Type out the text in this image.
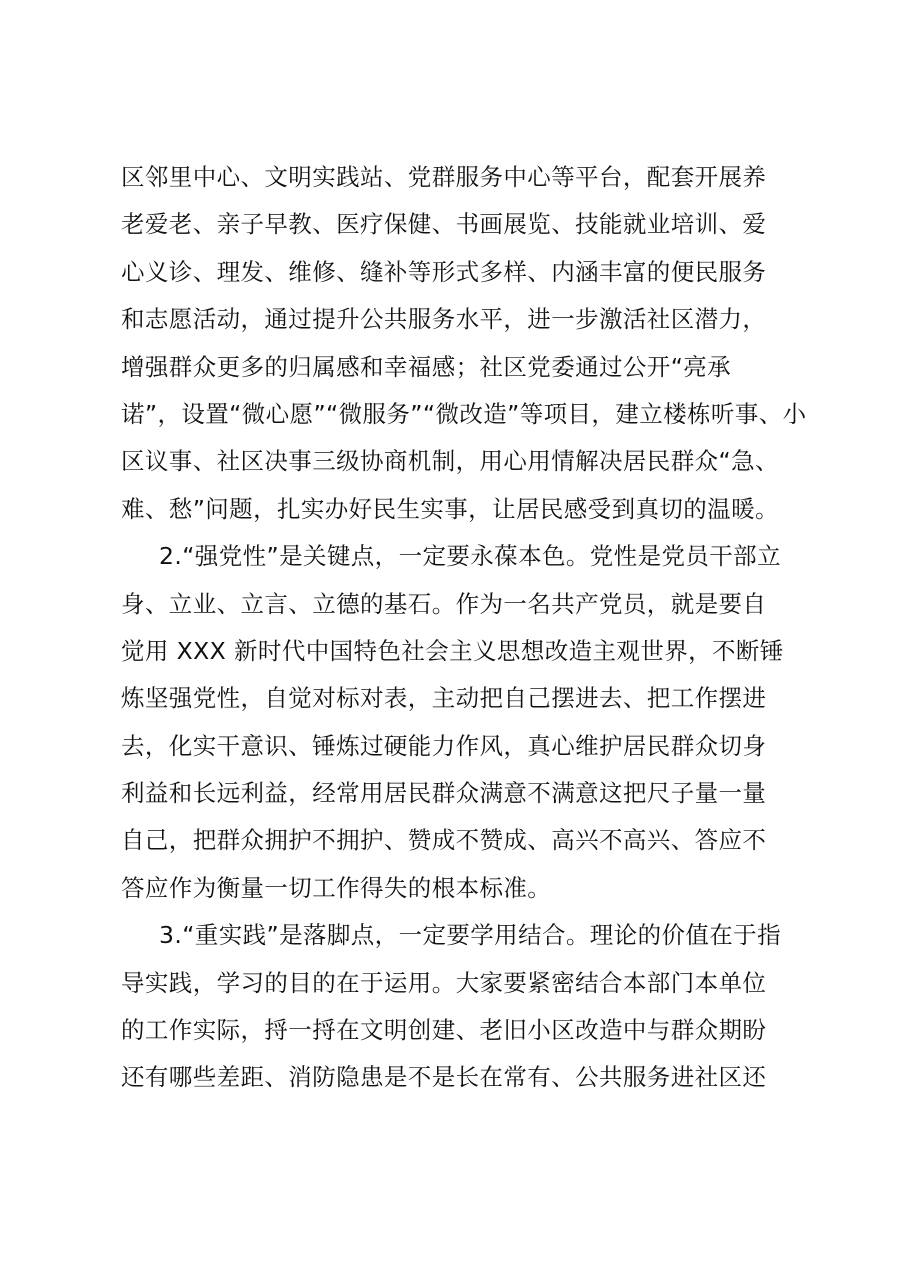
区邻里中心、文明实践站、党群服务中心等平台，配套开展养
老爱老、亲子早教、医疗保健、书画展览、技能就业培训、爱
心义诊、理发、维修、缝补等形式多样、内涵丰富的便民服务
和志愿活动，通过提升公共服务水平，进一步激活社区潜力，
增强群众更多的归属感和幸福感；社区党委通过公开“亮承
诺”，设置“微心愿”“微服务”“微改造”等项目，建立楼栋听事、小
区议事、社区决事三级协商机制，用心用情解决居民群众“急、
难、愁”问题，扎实办好民生实事，让居民感受到真切的温暖。
2.“强党性”是关键点，一定要永葆本色。党性是党员干部立
身、立业、立言、立德的基石。作为一名共产党员，就是要自
觉用 XXX 新时代中国特色社会主义思想改造主观世界，不断锤
炼坚强党性，自觉对标对表，主动把自己摆进去、把工作摆进
去，化实干意识、锤炼过硬能力作风，真心维护居民群众切身
利益和长远利益，经常用居民群众满意不满意这把尺子量一量
自己，把群众拥护不拥护、赞成不赞成、高兴不高兴、答应不
答应作为衡量一切工作得失的根本标准。
3.“重实践”是落脚点，一定要学用结合。理论的价值在于指
导实践，学习的目的在于运用。大家要紧密结合本部门本单位
的工作实际，捋一捋在文明创建、老旧小区改造中与群众期盼
还有哪些差距、消防隐患是不是长在常有、公共服务进社区还
